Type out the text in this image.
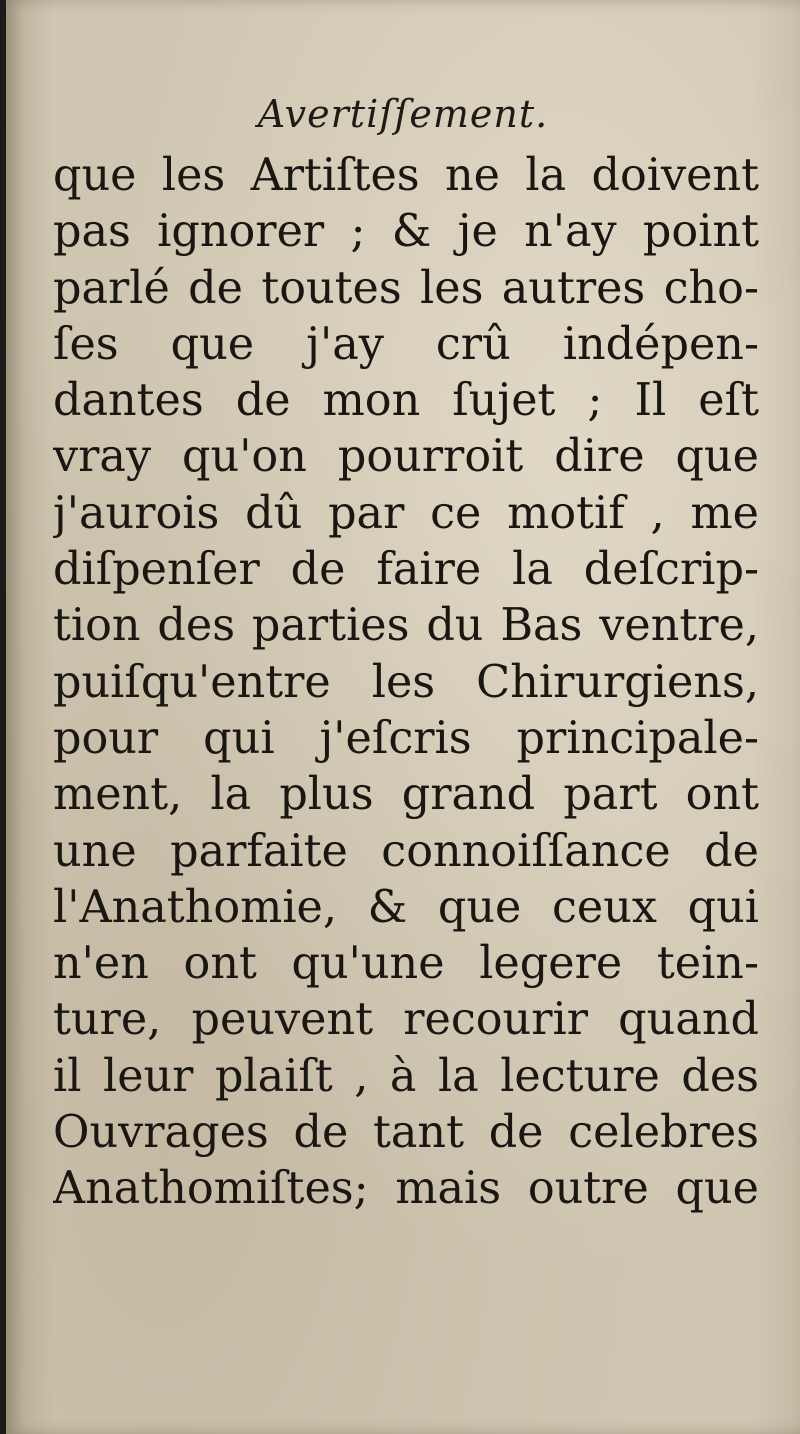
Avertiſſement.
que les Artiſtes ne la doivent
pas ignorer ; & je n'ay point
parlé de toutes les autres cho-
ſes que j'ay crû indépen-
dantes de mon ſujet ; Il eſt
vray qu'on pourroit dire que
j'aurois dû par ce motif , me
diſpenſer de faire la deſcrip-
tion des parties du Bas ventre,
puiſqu'entre les Chirurgiens,
pour qui j'eſcris principale-
ment, la plus grand part ont
une parfaite connoiſſance de
l'Anathomie, & que ceux qui
n'en ont qu'une legere tein-
ture, peuvent recourir quand
il leur plaiſt , à la lecture des
Ouvrages de tant de celebres
Anathomiſtes; mais outre que
